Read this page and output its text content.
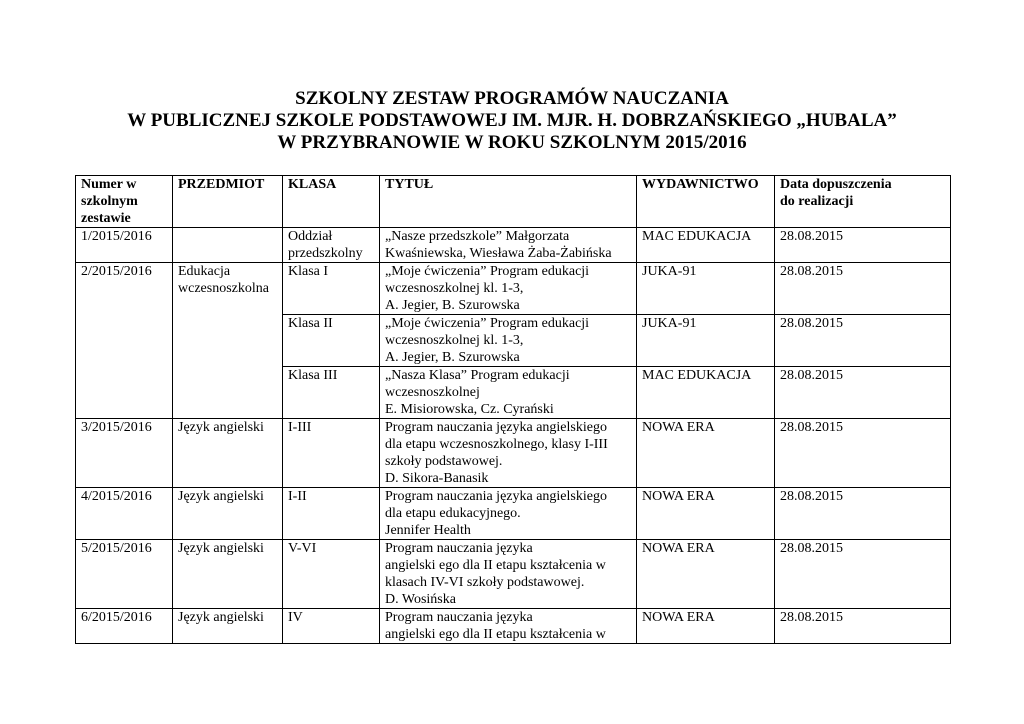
SZKOLNY ZESTAW PROGRAMÓW NAUCZANIA
W PUBLICZNEJ SZKOLE PODSTAWOWEJ IM. MJR. H. DOBRZAŃSKIEGO „HUBALA”
W PRZYBRANOWIE W ROKU SZKOLNYM 2015/2016
Numer w
szkolnym
zestawie	PRZEDMIOT	KLASA	TYTUŁ	WYDAWNICTWO	Data dopuszczenia
do realizacji

1/2015/2016		Oddział
przedszkolny	„Nasze przedszkole” Małgorzata
Kwaśniewska, Wiesława Żaba-Żabińska	MAC EDUKACJA	28.08.2015
2/2015/2016	Edukacja
wczesnoszkolna	Klasa I	„Moje ćwiczenia” Program edukacji
wczesnoszkolnej kl. 1-3,
A. Jegier, B. Szurowska	JUKA-91	28.08.2015

		Klasa II	„Moje ćwiczenia” Program edukacji
wczesnoszkolnej kl. 1-3,
A. Jegier, B. Szurowska	JUKA-91	28.08.2015

		Klasa III	„Nasza Klasa” Program edukacji
wczesnoszkolnej
E. Misiorowska, Cz. Cyrański	MAC EDUKACJA	28.08.2015
3/2015/2016	Język angielski	I-III	Program nauczania języka angielskiego
dla etapu wczesnoszkolnego, klasy I-III
szkoły podstawowej.
D. Sikora-Banasik	NOWA ERA	28.08.2015
4/2015/2016	Język angielski	I-II	Program nauczania języka angielskiego
dla etapu edukacyjnego.
Jennifer Health	NOWA ERA	28.08.2015
5/2015/2016	Język angielski	V-VI	Program nauczania języka
angielski ego dla II etapu kształcenia w
klasach IV-VI szkoły podstawowej.
D. Wosińska	NOWA ERA	28.08.2015
6/2015/2016	Język angielski	IV	Program nauczania języka
angielski ego dla II etapu kształcenia w	NOWA ERA	28.08.2015
